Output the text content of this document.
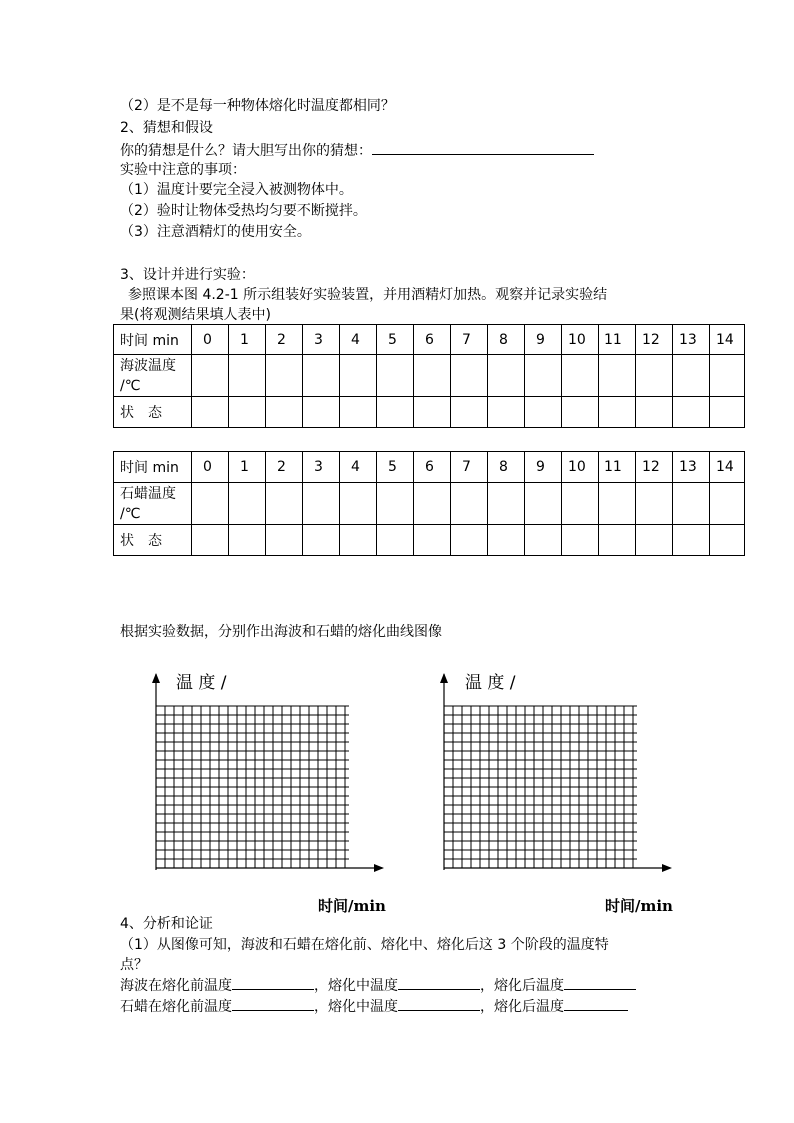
（2）是不是每一种物体熔化时温度都相同？
2、猜想和假设
你的猜想是什么？请大胆写出你的猜想：
实验中注意的事项：
（1）温度计要完全浸入被测物体中。
（2）验时让物体受热均匀要不断搅拌。
（3）注意酒精灯的使用安全。
3、设计并进行实验：
参照课本图 4.2-1 所示组装好实验装置，并用酒精灯加热。观察并记录实验结
果(将观测结果填人表中)
时间 min	0	1	2	3	4	5	6	7	8	9	10	11	12	13	14

海波温度
/℃															

状　态															
时间 min	0	1	2	3	4	5	6	7	8	9	10	11	12	13	14

石蜡温度
/℃															

状　态															
根据实验数据，分别作出海波和石蜡的熔化曲线图像
温 度 /
时间/min
温 度 /
时间/min
4、分析和论证
（1）从图像可知，海波和石蜡在熔化前、熔化中、熔化后这 3 个阶段的温度特
点？
海波在熔化前温度	，熔化中温度	，熔化后温度
石蜡在熔化前温度	，熔化中温度	，熔化后温度
